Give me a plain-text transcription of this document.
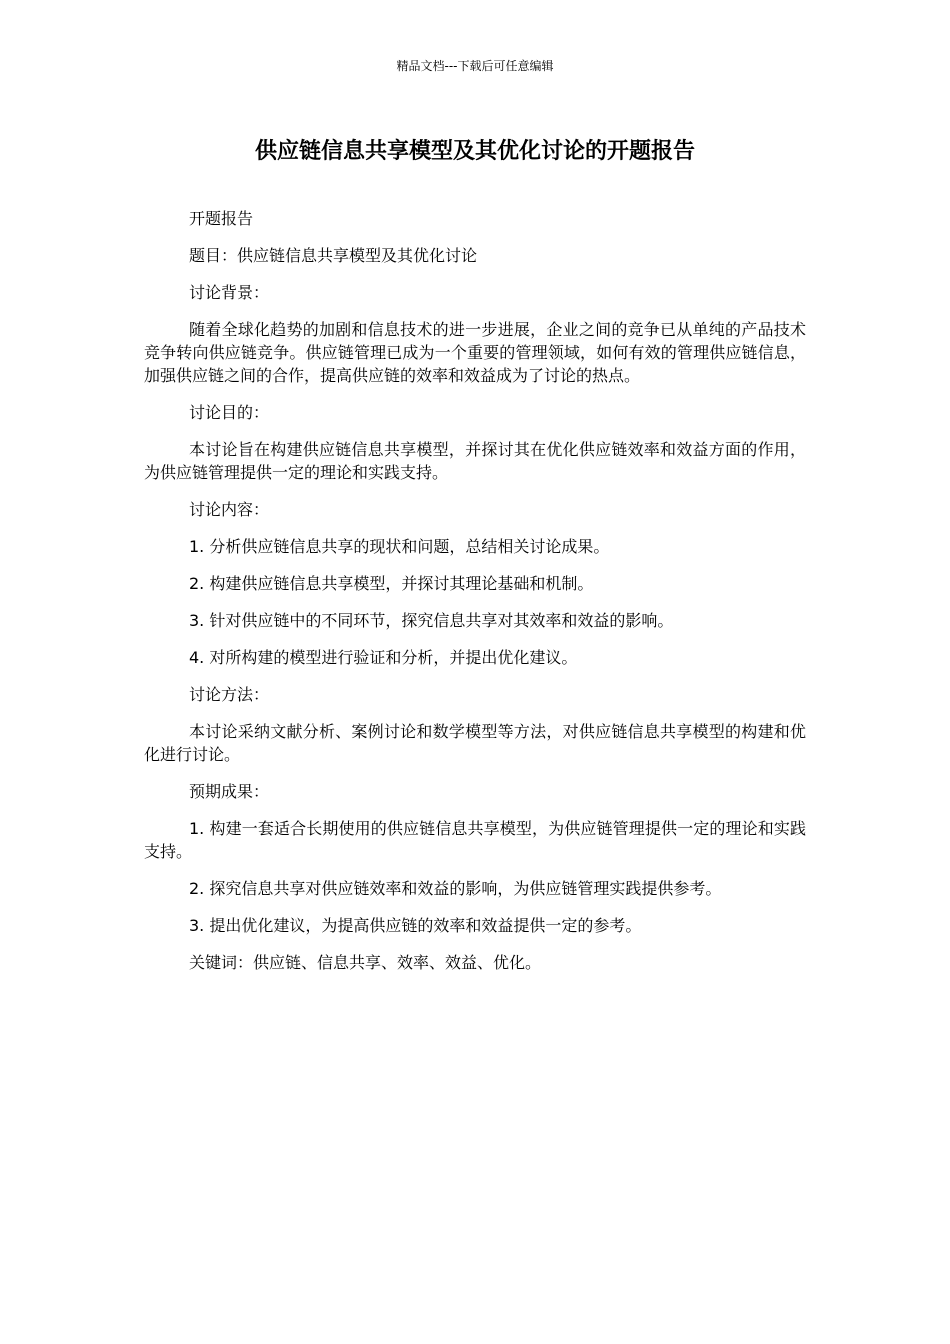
精品文档---下载后可任意编辑
供应链信息共享模型及其优化讨论的开题报告

开题报告

题目：供应链信息共享模型及其优化讨论

讨论背景：

随着全球化趋势的加剧和信息技术的进一步进展，企业之间的竞争已从单纯的产品技术竞争转向供应链竞争。供应链管理已成为一个重要的管理领域，如何有效的管理供应链信息，加强供应链之间的合作，提高供应链的效率和效益成为了讨论的热点。

讨论目的：

本讨论旨在构建供应链信息共享模型，并探讨其在优化供应链效率和效益方面的作用，为供应链管理提供一定的理论和实践支持。

讨论内容：

1. 分析供应链信息共享的现状和问题，总结相关讨论成果。

2. 构建供应链信息共享模型，并探讨其理论基础和机制。

3. 针对供应链中的不同环节，探究信息共享对其效率和效益的影响。

4. 对所构建的模型进行验证和分析，并提出优化建议。

讨论方法：

本讨论采纳文献分析、案例讨论和数学模型等方法，对供应链信息共享模型的构建和优化进行讨论。

预期成果：

1. 构建一套适合长期使用的供应链信息共享模型，为供应链管理提供一定的理论和实践支持。

2. 探究信息共享对供应链效率和效益的影响，为供应链管理实践提供参考。

3. 提出优化建议，为提高供应链的效率和效益提供一定的参考。

关键词：供应链、信息共享、效率、效益、优化。
